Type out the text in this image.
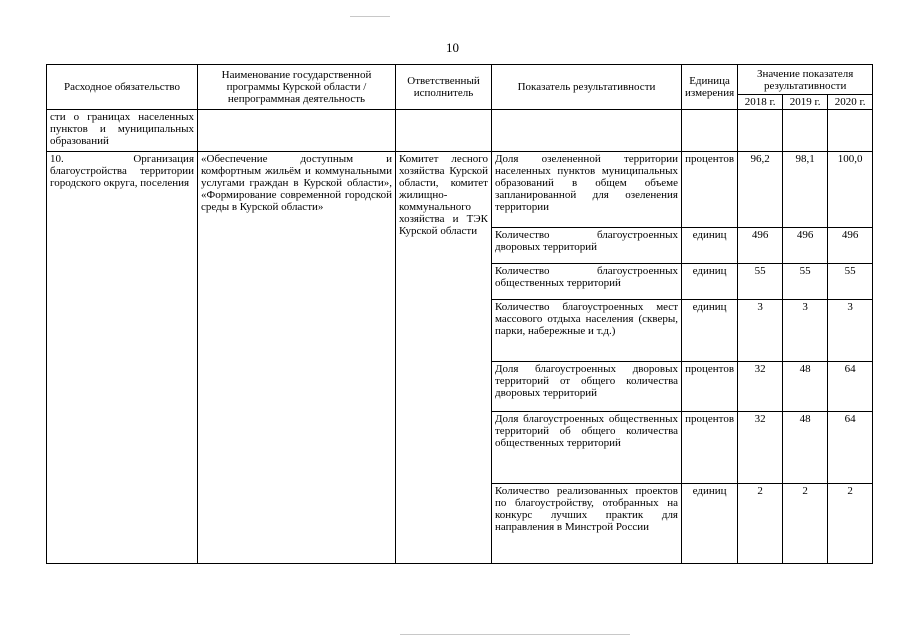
10
Расходное обязательство	Наименование государственной программы Курской области / непрограммная деятельность	Ответственный исполнитель	Показатель результативности	Единица измерения	Значение показателя результативности		
					2018 г.	2019 г.	2020 г.
сти о границах населенных пунктов и муниципальных образований							
10. Организация благоустройства территории городского округа, поселения	«Обеспечение доступным и комфортным жильём и коммунальными услугами граждан в Курской области», «Формирование современной городской среды в Курской области»	Комитет лесного хозяйства Курской области, комитет жилищно-коммунального хозяйства и ТЭК Курской области	Доля озелененной территории населенных пунктов муниципальных образований в общем объеме запланированной для озеленения территории	процентов	96,2	98,1	100,0
			Количество благоустроенных дворовых территорий	единиц	496	496	496
			Количество благоустроенных общественных территорий	единиц	55	55	55
			Количество благоустроенных мест массового отдыха населения (скверы, парки, набережные и т.д.)	единиц	3	3	3
			Доля благоустроенных дворовых территорий от общего количества дворовых территорий	процентов	32	48	64
			Доля благоустроенных общественных территорий об общего количества общественных территорий	процентов	32	48	64
			Количество реализованных проектов по благоустройству, отобранных на конкурс лучших практик для направления в Минстрой России	единиц	2	2	2
